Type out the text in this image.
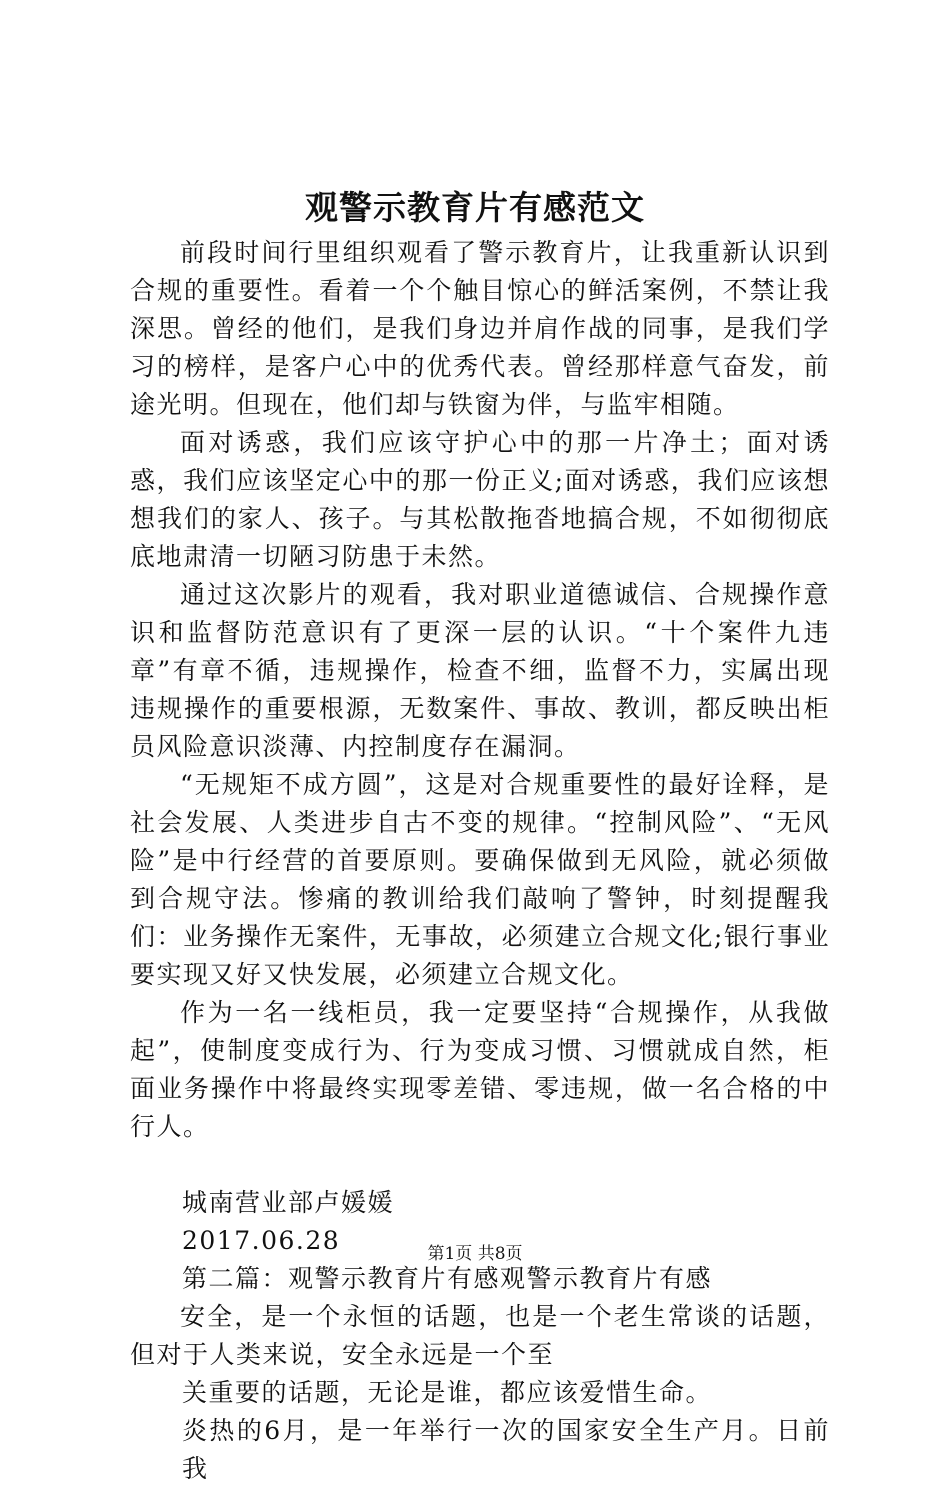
观警示教育片有感范文

前段时间行里组织观看了警示教育片，让我重新认识到合规的重要性。看着一个个触目惊心的鲜活案例，不禁让我深思。曾经的他们，是我们身边并肩作战的同事，是我们学习的榜样，是客户心中的优秀代表。曾经那样意气奋发，前途光明。但现在，他们却与铁窗为伴，与监牢相随。

面对诱惑，我们应该守护心中的那一片净土；面对诱惑，我们应该坚定心中的那一份正义;面对诱惑，我们应该想想我们的家人、孩子。与其松散拖沓地搞合规，不如彻彻底底地肃清一切陋习防患于未然。

通过这次影片的观看，我对职业道德诚信、合规操作意识和监督防范意识有了更深一层的认识。“十个案件九违章”有章不循，违规操作，检查不细，监督不力，实属出现违规操作的重要根源，无数案件、事故、教训，都反映出柜员风险意识淡薄、内控制度存在漏洞。

“无规矩不成方圆”，这是对合规重要性的最好诠释，是社会发展、人类进步自古不变的规律。“控制风险”、“无风险”是中行经营的首要原则。要确保做到无风险，就必须做到合规守法。惨痛的教训给我们敲响了警钟，时刻提醒我们：业务操作无案件，无事故，必须建立合规文化;银行事业要实现又好又快发展，必须建立合规文化。

作为一名一线柜员，我一定要坚持“合规操作，从我做起”，使制度变成行为、行为变成习惯、习惯就成自然，柜面业务操作中将最终实现零差错、零违规，做一名合格的中行人。

城南营业部卢媛媛

2017.06.28

第二篇：观警示教育片有感观警示教育片有感

安全，是一个永恒的话题，也是一个老生常谈的话题，但对于人类来说，安全永远是一个至

关重要的话题，无论是谁，都应该爱惜生命。

炎热的6月，是一年举行一次的国家安全生产月。日前我

第1页 共8页
